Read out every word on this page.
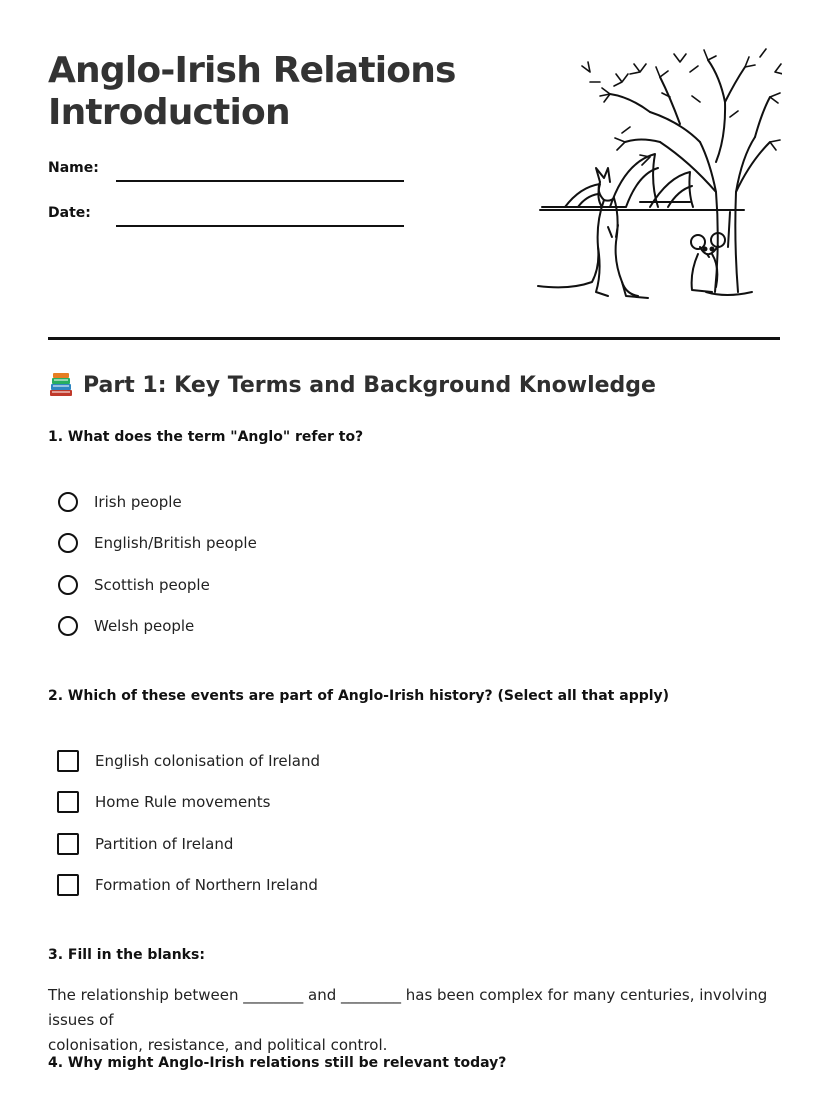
Anglo-Irish Relations
Introduction
Name:
Date:
Part 1: Key Terms and Background Knowledge
1. What does the term "Anglo" refer to?
Irish people
English/British people
Scottish people
Welsh people
2. Which of these events are part of Anglo-Irish history? (Select all that apply)
English colonisation of Ireland
Home Rule movements
Partition of Ireland
Formation of Northern Ireland
3. Fill in the blanks:

The relationship between ________ and ________ has been complex for many centuries, involving issues of
colonisation, resistance, and political control.

4. Why might Anglo-Irish relations still be relevant today?
